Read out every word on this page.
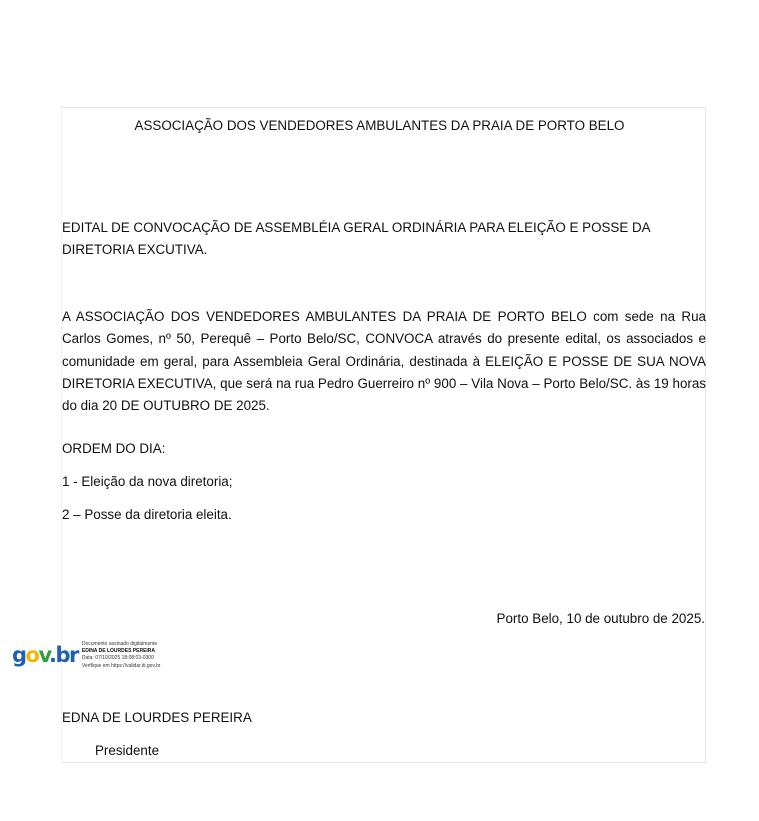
ASSOCIAÇÃO DOS VENDEDORES AMBULANTES DA PRAIA DE PORTO BELO
EDITAL DE CONVOCAÇÃO DE ASSEMBLÉIA GERAL ORDINÁRIA PARA ELEIÇÃO E POSSE DA DIRETORIA EXCUTIVA.
A ASSOCIAÇÃO DOS VENDEDORES AMBULANTES DA PRAIA DE PORTO BELO com sede na Rua Carlos Gomes, nº 50, Perequê – Porto Belo/SC, CONVOCA através do presente edital, os associados e comunidade em geral, para Assembleia Geral Ordinária, destinada à ELEIÇÃO E POSSE DE SUA NOVA DIRETORIA EXECUTIVA, que será na rua Pedro Guerreiro nº 900 – Vila Nova – Porto Belo/SC. às 19 horas do dia 20 DE OUTUBRO DE 2025.
ORDEM DO DIA:
1 - Eleição da nova diretoria;
2 – Posse da diretoria eleita.
Porto Belo, 10 de outubro de 2025.
gov.br Documento assinado digitalmente
EDINA DE LOURDES PEREIRA
Data: 07/10/2025 18:08:03-0300
Verifique em https://validar.iti.gov.br
EDNA DE LOURDES PEREIRA
Presidente
